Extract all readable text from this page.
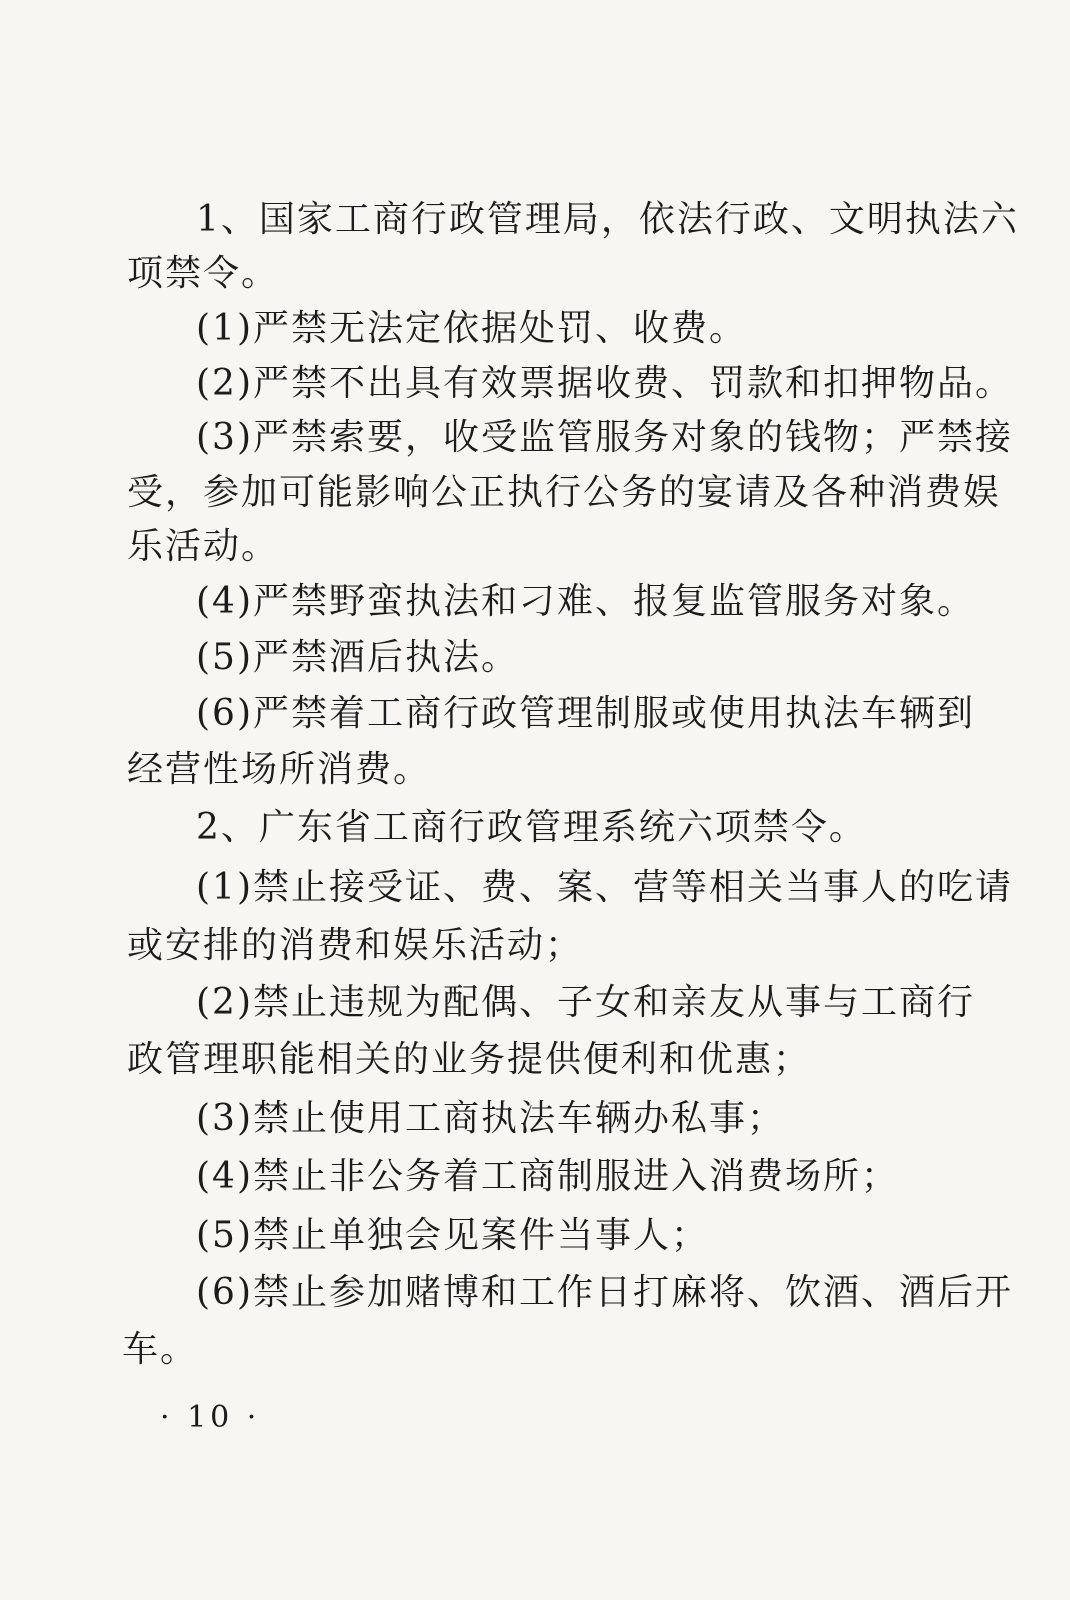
1、国家工商行政管理局，依法行政、文明执法六
项禁令。
(1)严禁无法定依据处罚、收费。
(2)严禁不出具有效票据收费、罚款和扣押物品。
(3)严禁索要，收受监管服务对象的钱物；严禁接
受，参加可能影响公正执行公务的宴请及各种消费娱
乐活动。
(4)严禁野蛮执法和刁难、报复监管服务对象。
(5)严禁酒后执法。
(6)严禁着工商行政管理制服或使用执法车辆到
经营性场所消费。
2、广东省工商行政管理系统六项禁令。
(1)禁止接受证、费、案、营等相关当事人的吃请
或安排的消费和娱乐活动；
(2)禁止违规为配偶、子女和亲友从事与工商行
政管理职能相关的业务提供便利和优惠；
(3)禁止使用工商执法车辆办私事；
(4)禁止非公务着工商制服进入消费场所；
(5)禁止单独会见案件当事人；
(6)禁止参加赌博和工作日打麻将、饮酒、酒后开
车。
· 10 ·
